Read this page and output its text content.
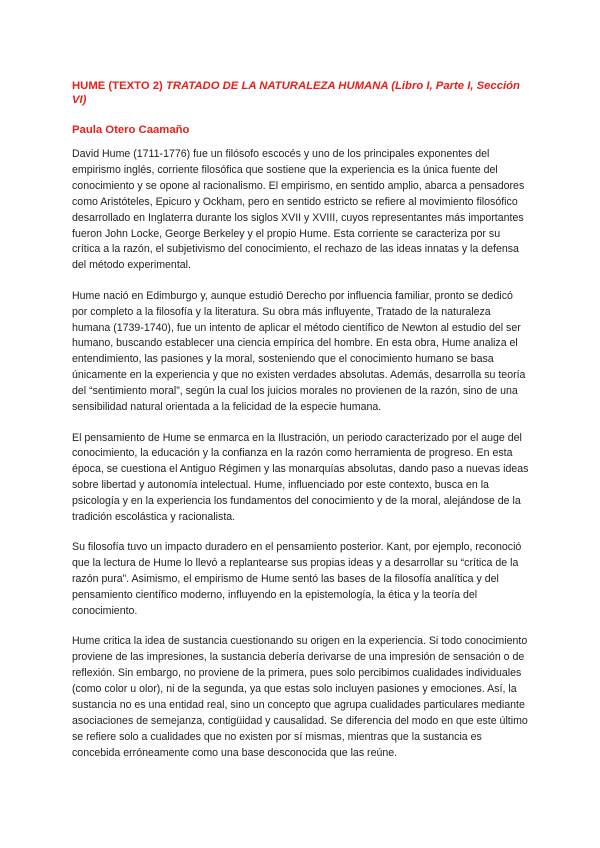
HUME (TEXTO 2) TRATADO DE LA NATURALEZA HUMANA (Libro I, Parte I, Sección VI)
Paula Otero Caamaño

David Hume (1711-1776) fue un filósofo escocés y uno de los principales exponentes del empirismo inglés, corriente filosófica que sostiene que la experiencia es la única fuente del conocimiento y se opone al racionalismo. El empirismo, en sentido amplio, abarca a pensadores como Aristóteles, Epicuro y Ockham, pero en sentido estricto se refiere al movimiento filosófico desarrollado en Inglaterra durante los siglos XVII y XVIII, cuyos representantes más importantes fueron John Locke, George Berkeley y el propio Hume. Esta corriente se caracteriza por su crítica a la razón, el subjetivismo del conocimiento, el rechazo de las ideas innatas y la defensa del método experimental.

Hume nació en Edimburgo y, aunque estudió Derecho por influencia familiar, pronto se dedicó por completo a la filosofía y la literatura. Su obra más influyente, Tratado de la naturaleza humana (1739-1740), fue un intento de aplicar el método científico de Newton al estudio del ser humano, buscando establecer una ciencia empírica del hombre. En esta obra, Hume analiza el entendimiento, las pasiones y la moral, sosteniendo que el conocimiento humano se basa únicamente en la experiencia y que no existen verdades absolutas. Además, desarrolla su teoría del “sentimiento moral”, según la cual los juicios morales no provienen de la razón, sino de una sensibilidad natural orientada a la felicidad de la especie humana.

El pensamiento de Hume se enmarca en la Ilustración, un periodo caracterizado por el auge del conocimiento, la educación y la confianza en la razón como herramienta de progreso. En esta época, se cuestiona el Antiguo Régimen y las monarquías absolutas, dando paso a nuevas ideas sobre libertad y autonomía intelectual. Hume, influenciado por este contexto, busca en la psicología y en la experiencia los fundamentos del conocimiento y de la moral, alejándose de la tradición escolástica y racionalista.

Su filosofía tuvo un impacto duradero en el pensamiento posterior. Kant, por ejemplo, reconoció que la lectura de Hume lo llevó a replantearse sus propias ideas y a desarrollar su “crítica de la razón pura”. Asimismo, el empirismo de Hume sentó las bases de la filosofía analítica y del pensamiento científico moderno, influyendo en la epistemología, la ética y la teoría del conocimiento.

Hume critica la idea de sustancia cuestionando su origen en la experiencia. Si todo conocimiento proviene de las impresiones, la sustancia debería derivarse de una impresión de sensación o de reflexión. Sin embargo, no proviene de la primera, pues solo percibimos cualidades individuales (como color u olor), ni de la segunda, ya que estas solo incluyen pasiones y emociones. Así, la sustancia no es una entidad real, sino un concepto que agrupa cualidades particulares mediante asociaciones de semejanza, contigüidad y causalidad. Se diferencia del modo en que este último se refiere solo a cualidades que no existen por sí mismas, mientras que la sustancia es concebida erróneamente como una base desconocida que las reúne.
